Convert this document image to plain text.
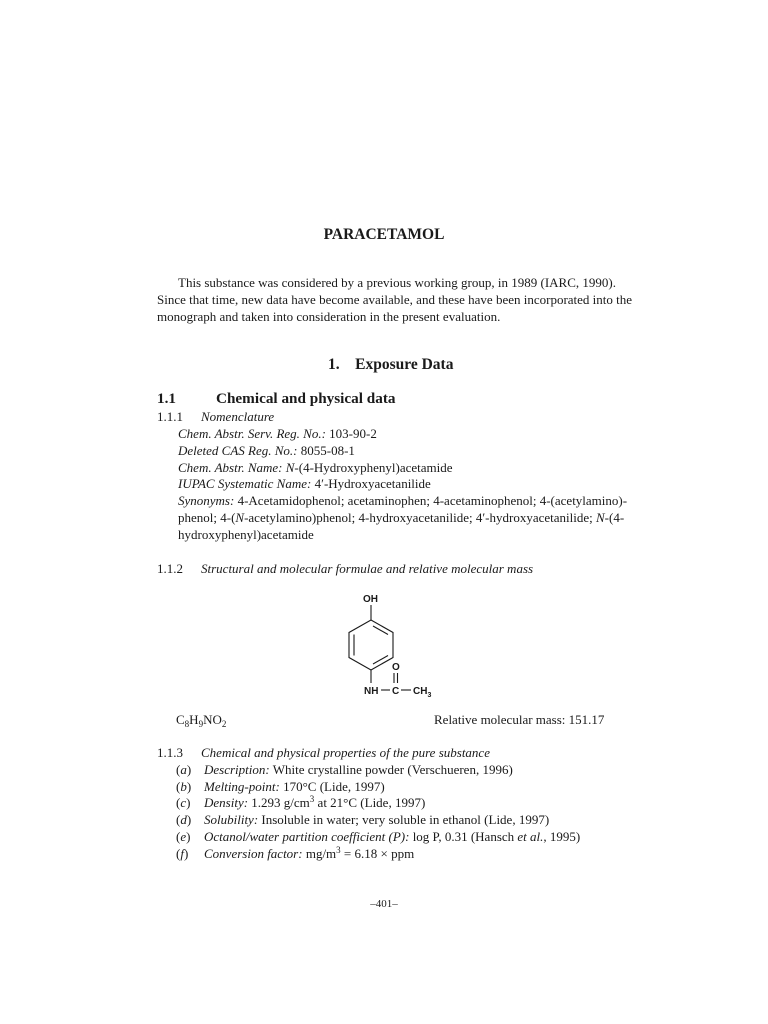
PARACETAMOL

This substance was considered by a previous working group, in 1989 (IARC, 1990). Since that time, new data have become available, and these have been incorporated into the monograph and taken into consideration in the present evaluation.

1. Exposure Data
1.1	Chemical and physical data
1.1.1 Nomenclature
Chem. Abstr. Serv. Reg. No.: 103-90-2
Deleted CAS Reg. No.: 8055-08-1
Chem. Abstr. Name: N-(4-Hydroxyphenyl)acetamide
IUPAC Systematic Name: 4′-Hydroxyacetanilide

Synonyms: 4-Acetamidophenol; acetaminophen; 4-acetaminophenol; 4-(acetylamino)-phenol; 4-(N-acetylamino)phenol; 4-hydroxyacetanilide; 4′-hydroxyacetanilide; N-(4-hydroxyphenyl)acetamide

1.1.2 Structural and molecular formulae and relative molecular mass
OH
O
NH C $CH_3$
$C_8H_9NO_2$	Relative molecular mass: 151.17
1.1.3 Chemical and physical properties of the pure substance
(a) Description: White crystalline powder (Verschueren, 1996)
(b) Melting-point: 170°C (Lide, 1997)
(c) Density: 1.293 $g/cm^3$ at 21°C (Lide, 1997)
(d) Solubility: Insoluble in water; very soluble in ethanol (Lide, 1997)
(e) Octanol/water partition coefficient (P): log P, 0.31 (Hansch et al., 1995)
(f) Conversion factor: $mg/m^3 = 6.18$ × ppm
–401–
